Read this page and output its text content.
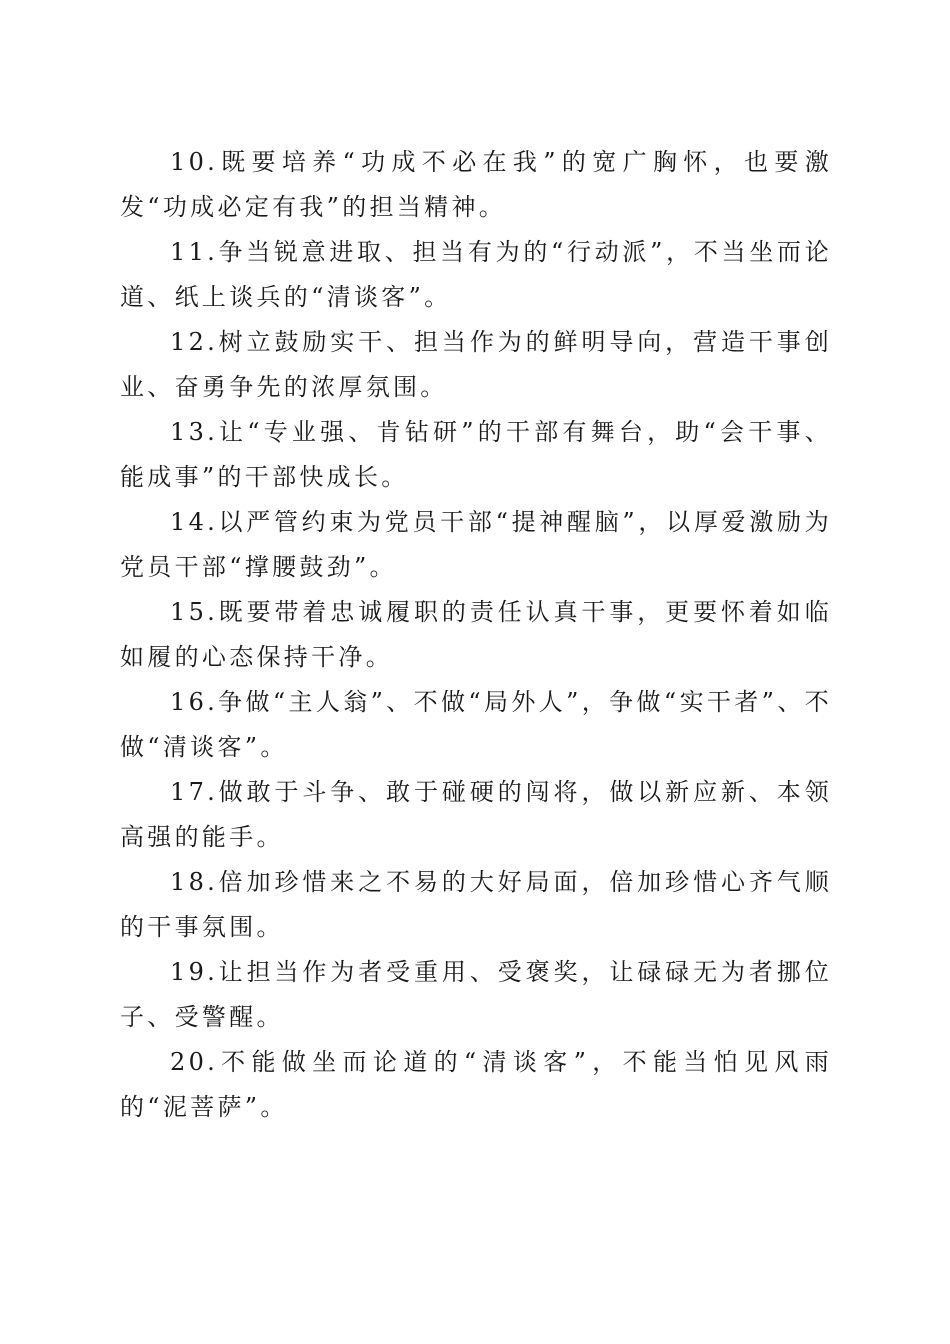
10.既要培养“功成不必在我”的宽广胸怀，也要激发“功成必定有我”的担当精神。

11.争当锐意进取、担当有为的“行动派”，不当坐而论道、纸上谈兵的“清谈客”。

12.树立鼓励实干、担当作为的鲜明导向，营造干事创业、奋勇争先的浓厚氛围。

13.让“专业强、肯钻研”的干部有舞台，助“会干事、能成事”的干部快成长。

14.以严管约束为党员干部“提神醒脑”，以厚爱激励为党员干部“撑腰鼓劲”。

15.既要带着忠诚履职的责任认真干事，更要怀着如临如履的心态保持干净。

16.争做“主人翁”、不做“局外人”，争做“实干者”、不做“清谈客”。

17.做敢于斗争、敢于碰硬的闯将，做以新应新、本领高强的能手。

18.倍加珍惜来之不易的大好局面，倍加珍惜心齐气顺的干事氛围。

19.让担当作为者受重用、受褒奖，让碌碌无为者挪位子、受警醒。

20.不能做坐而论道的“清谈客”，不能当怕见风雨的“泥菩萨”。
